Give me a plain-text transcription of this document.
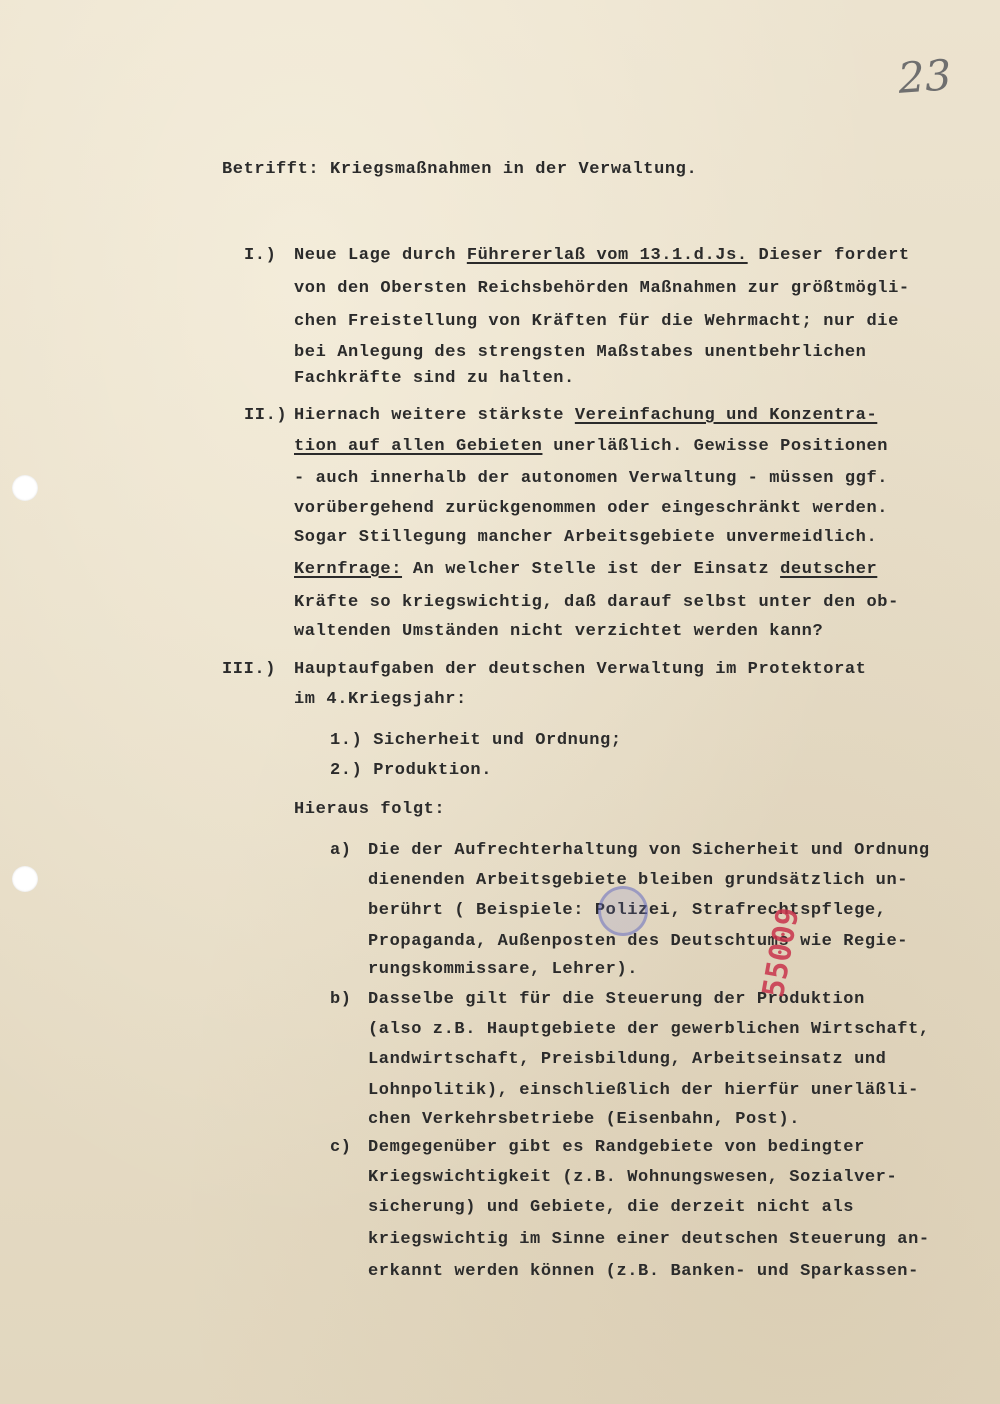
23
Betrifft: Kriegsmaßnahmen in der Verwaltung.
I.) Neue Lage durch Führererlaß vom 13.1.d.Js. Dieser fordert
von den Obersten Reichsbehörden Maßnahmen zur größtmögli-
chen Freistellung von Kräften für die Wehrmacht; nur die
bei Anlegung des strengsten Maßstabes unentbehrlichen
Fachkräfte sind zu halten.
II.) Hiernach weitere stärkste Vereinfachung und Konzentra-
tion auf allen Gebieten unerläßlich. Gewisse Positionen
- auch innerhalb der autonomen Verwaltung - müssen ggf.
vorübergehend zurückgenommen oder eingeschränkt werden.
Sogar Stillegung mancher Arbeitsgebiete unvermeidlich.
Kernfrage: An welcher Stelle ist der Einsatz deutscher
Kräfte so kriegswichtig, daß darauf selbst unter den ob-
waltenden Umständen nicht verzichtet werden kann?
III.) Hauptaufgaben der deutschen Verwaltung im Protektorat
im 4.Kriegsjahr:
1.) Sicherheit und Ordnung;
2.) Produktion.
Hieraus folgt:
a) Die der Aufrechterhaltung von Sicherheit und Ordnung
dienenden Arbeitsgebiete bleiben grundsätzlich un-
berührt ( Beispiele: Polizei, Strafrechtspflege,
Propaganda, Außenposten des Deutschtums wie Regie-
rungskommissare, Lehrer).
b) Dasselbe gilt für die Steuerung der Produktion
(also z.B. Hauptgebiete der gewerblichen Wirtschaft,
Landwirtschaft, Preisbildung, Arbeitseinsatz und
Lohnpolitik), einschließlich der hierfür unerläßli-
chen Verkehrsbetriebe (Eisenbahn, Post).
c) Demgegenüber gibt es Randgebiete von bedingter
Kriegswichtigkeit (z.B. Wohnungswesen, Sozialver-
sicherung) und Gebiete, die derzeit nicht als
kriegswichtig im Sinne einer deutschen Steuerung an-
erkannt werden können (z.B. Banken- und Sparkassen-
55009
